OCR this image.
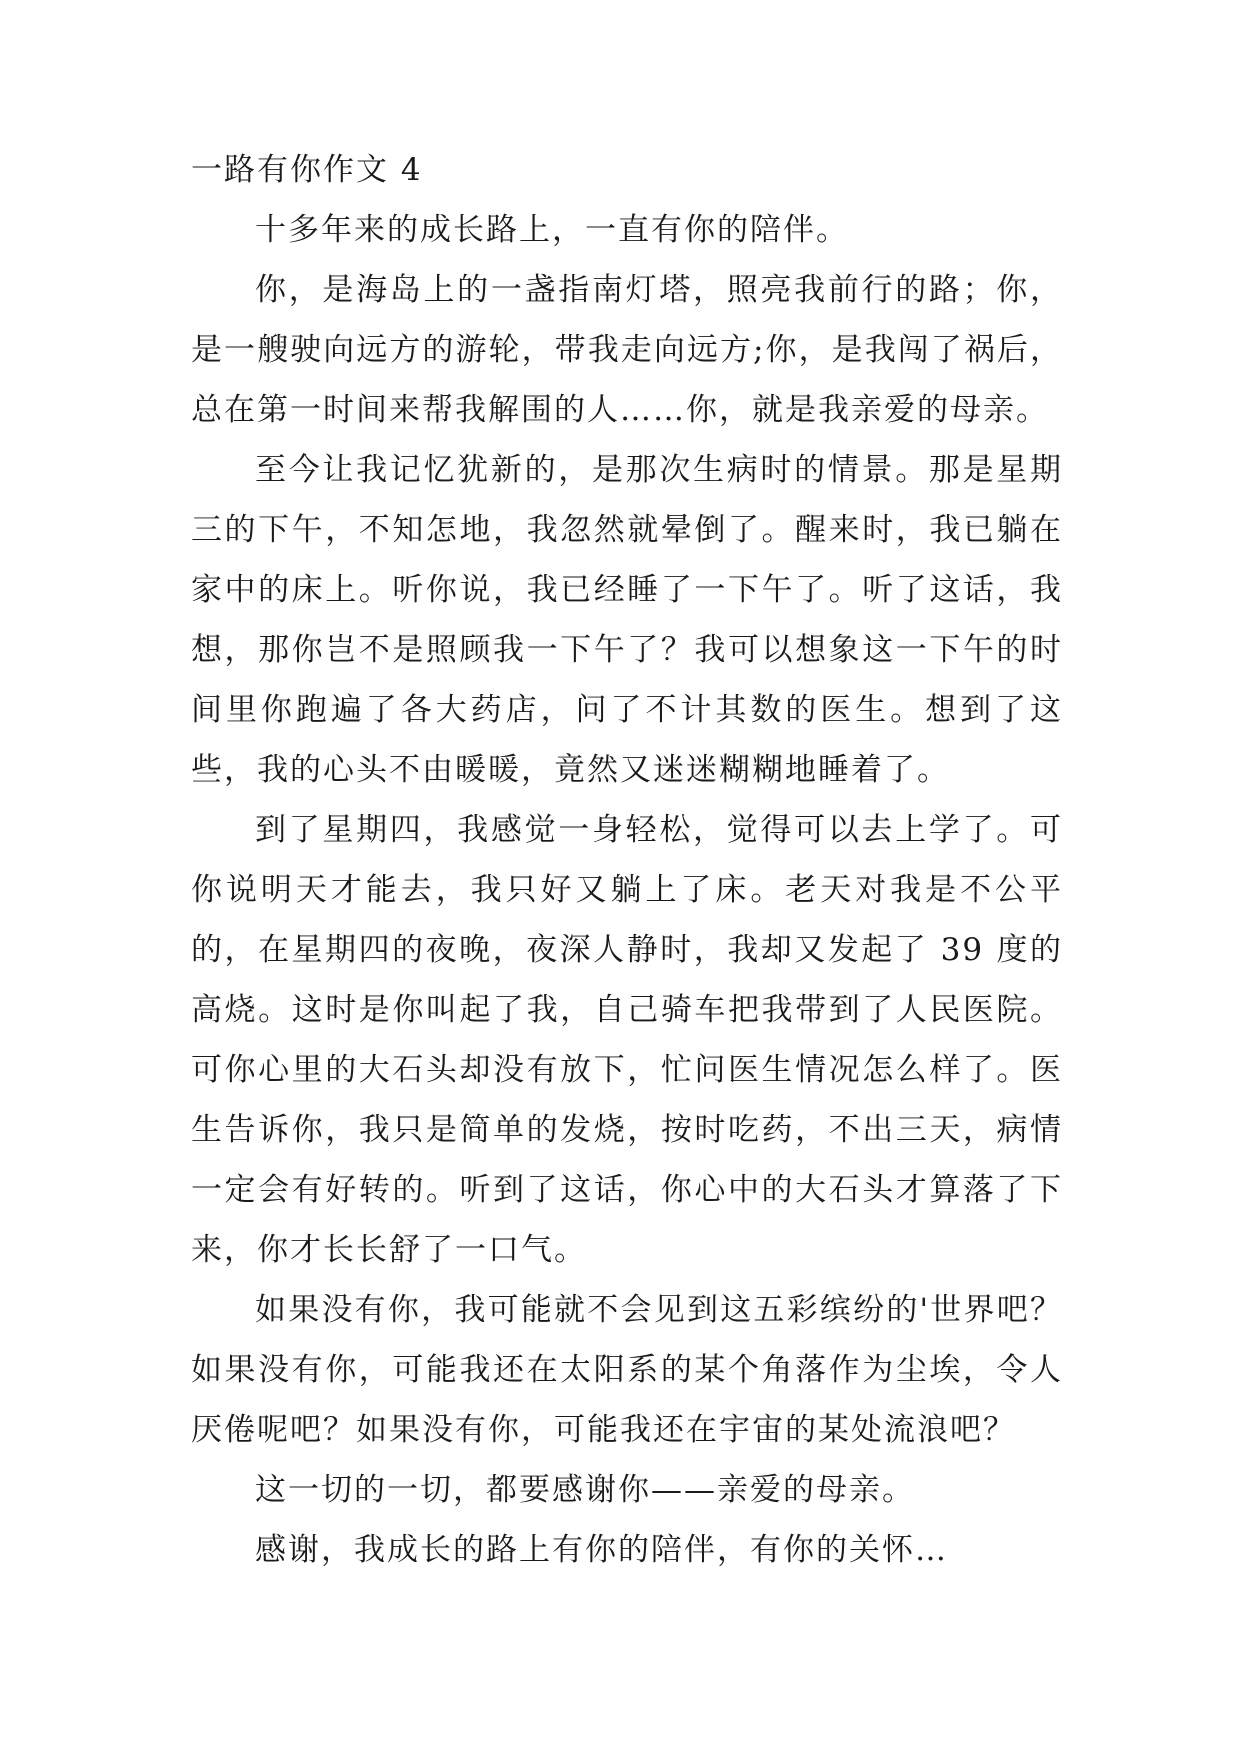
一路有你作文 4

十多年来的成长路上，一直有你的陪伴。

你，是海岛上的一盏指南灯塔，照亮我前行的路；你，是一艘驶向远方的游轮，带我走向远方;你，是我闯了祸后，总在第一时间来帮我解围的人……你，就是我亲爱的母亲。

至今让我记忆犹新的，是那次生病时的情景。那是星期三的下午，不知怎地，我忽然就晕倒了。醒来时，我已躺在家中的床上。听你说，我已经睡了一下午了。听了这话，我想，那你岂不是照顾我一下午了？我可以想象这一下午的时间里你跑遍了各大药店，问了不计其数的医生。想到了这些，我的心头不由暖暖，竟然又迷迷糊糊地睡着了。

到了星期四，我感觉一身轻松，觉得可以去上学了。可你说明天才能去，我只好又躺上了床。老天对我是不公平的，在星期四的夜晚，夜深人静时，我却又发起了 39 度的高烧。这时是你叫起了我，自己骑车把我带到了人民医院。可你心里的大石头却没有放下，忙问医生情况怎么样了。医生告诉你，我只是简单的发烧，按时吃药，不出三天，病情一定会有好转的。听到了这话，你心中的大石头才算落了下来，你才长长舒了一口气。

如果没有你，我可能就不会见到这五彩缤纷的'世界吧？如果没有你，可能我还在太阳系的某个角落作为尘埃，令人厌倦呢吧？如果没有你，可能我还在宇宙的某处流浪吧？

这一切的一切，都要感谢你——亲爱的母亲。

感谢，我成长的路上有你的陪伴，有你的关怀…
